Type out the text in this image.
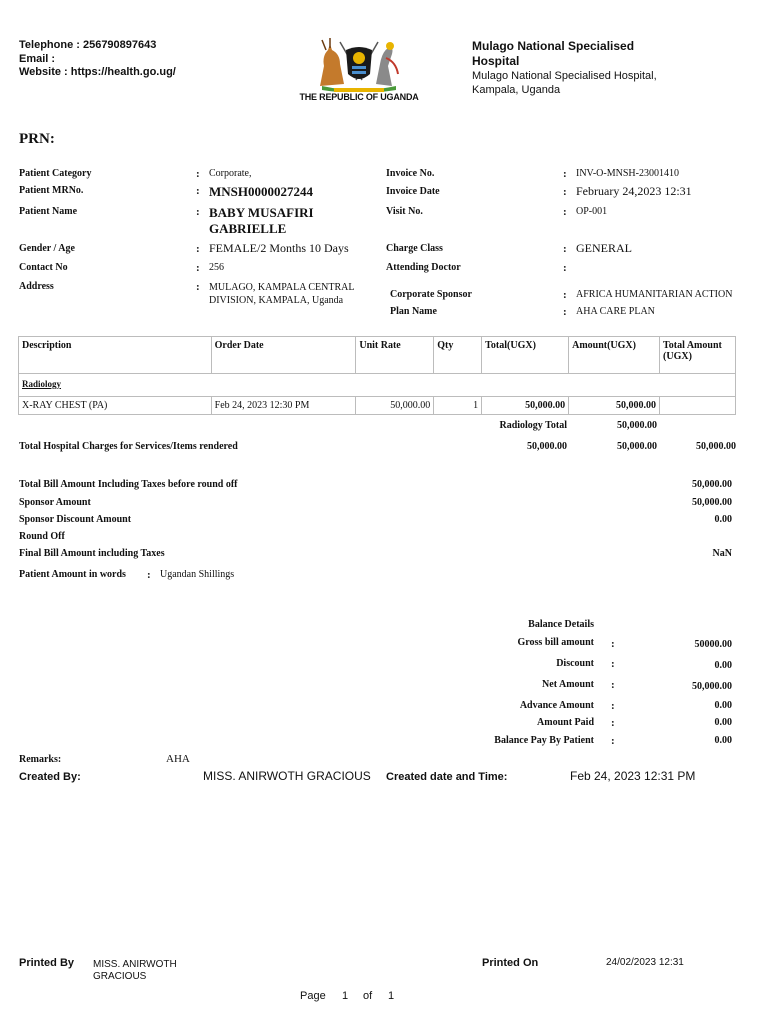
Telephone : 256790897643
Email :
Website : https://health.go.ug/
THE REPUBLIC OF UGANDA
Mulago National Specialised
Hospital
Mulago National Specialised Hospital,
Kampala, Uganda
PRN:
Patient Category	: Corporate,
Patient MRNo.	: MNSH0000027244
Patient Name	: BABY MUSAFIRI
GABRIELLE
Gender / Age	: FEMALE/2 Months 10 Days
Contact No	: 256
Address	: MULAGO, KAMPALA CENTRAL
DIVISION, KAMPALA, Uganda
Invoice No.	: INV-O-MNSH-23001410
Invoice Date	: February 24,2023 12:31
Visit No.	: OP-001
Charge Class	: GENERAL
Attending Doctor	:
Corporate Sponsor	: AFRICA HUMANITARIAN ACTION
Plan Name	: AHA CARE PLAN
Description	Order Date	Unit Rate	Qty	Total(UGX)	Amount(UGX)	Total Amount (UGX)
Radiology						
X-RAY CHEST (PA)	Feb 24, 2023 12:30 PM	50,000.00	1	50,000.00	50,000.00	
Radiology Total	50,000.00
Total Hospital Charges for Services/Items rendered	50,000.00	50,000.00	50,000.00
Total Bill Amount Including Taxes before round off	50,000.00
Sponsor Amount	50,000.00
Sponsor Discount Amount	0.00
Round Off
Final Bill Amount including Taxes	NaN
Patient Amount in words : Ugandan Shillings
Balance Details
Gross bill amount :	50000.00
Discount :	0.00
Net Amount :	50,000.00
Advance Amount :	0.00
Amount Paid :	0.00
Balance Pay By Patient :	0.00
Remarks:	AHA
Created By:	MISS. ANIRWOTH GRACIOUS Created date and Time:	Feb 24, 2023 12:31 PM
Printed By MISS. ANIRWOTH
GRACIOUS
Printed On	24/02/2023 12:31
Page 1 of 1
